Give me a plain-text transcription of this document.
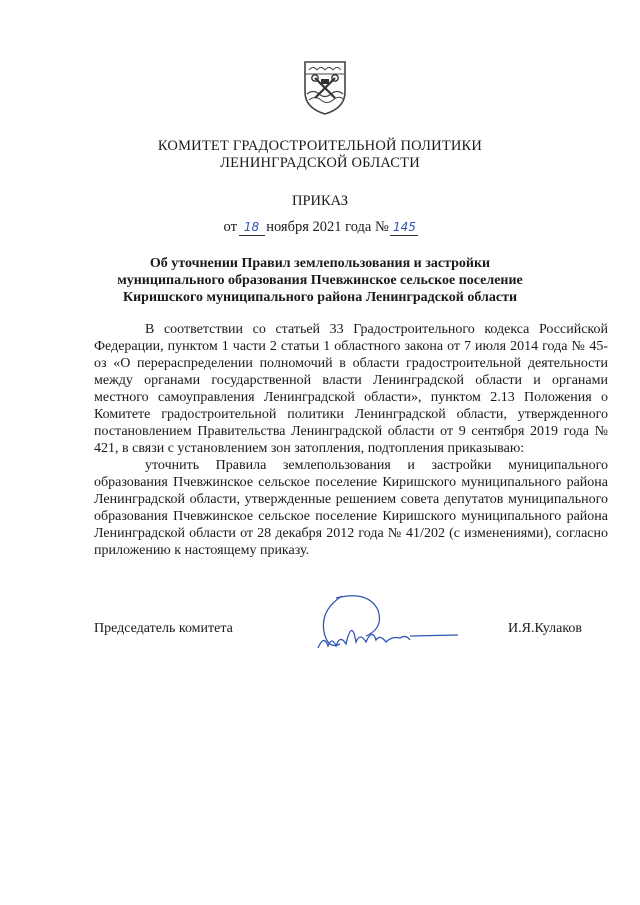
КОМИТЕТ ГРАДОСТРОИТЕЛЬНОЙ ПОЛИТИКИ
ЛЕНИНГРАДСКОЙ ОБЛАСТИ
ПРИКАЗ
от 18 ноября 2021 года № 145
Об уточнении Правил землепользования и застройки
муниципального образования Пчевжинское сельское поселение
Киришского муниципального района Ленинградской области

В соответствии со статьей 33 Градостроительного кодекса Российской Федерации, пунктом 1 части 2 статьи 1 областного закона от 7 июля 2014 года № 45-оз «О перераспределении полномочий в области градостроительной деятельности между органами государственной власти Ленинградской области и органами местного самоуправления Ленинградской области», пунктом 2.13 Положения о Комитете градостроительной политики Ленинградской области, утвержденного постановлением Правительства Ленинградской области от 9 сентября 2019 года № 421, в связи с установлением зон затопления, подтопления приказываю:

уточнить Правила землепользования и застройки муниципального образования Пчевжинское сельское поселение Киришского муниципального района Ленинградской области, утвержденные решением совета депутатов муниципального образования Пчевжинское сельское поселение Киришского муниципального района Ленинградской области от 28 декабря 2012 года № 41/202 (с изменениями), согласно приложению к настоящему приказу.

Председатель комитета	И.Я.Кулаков
